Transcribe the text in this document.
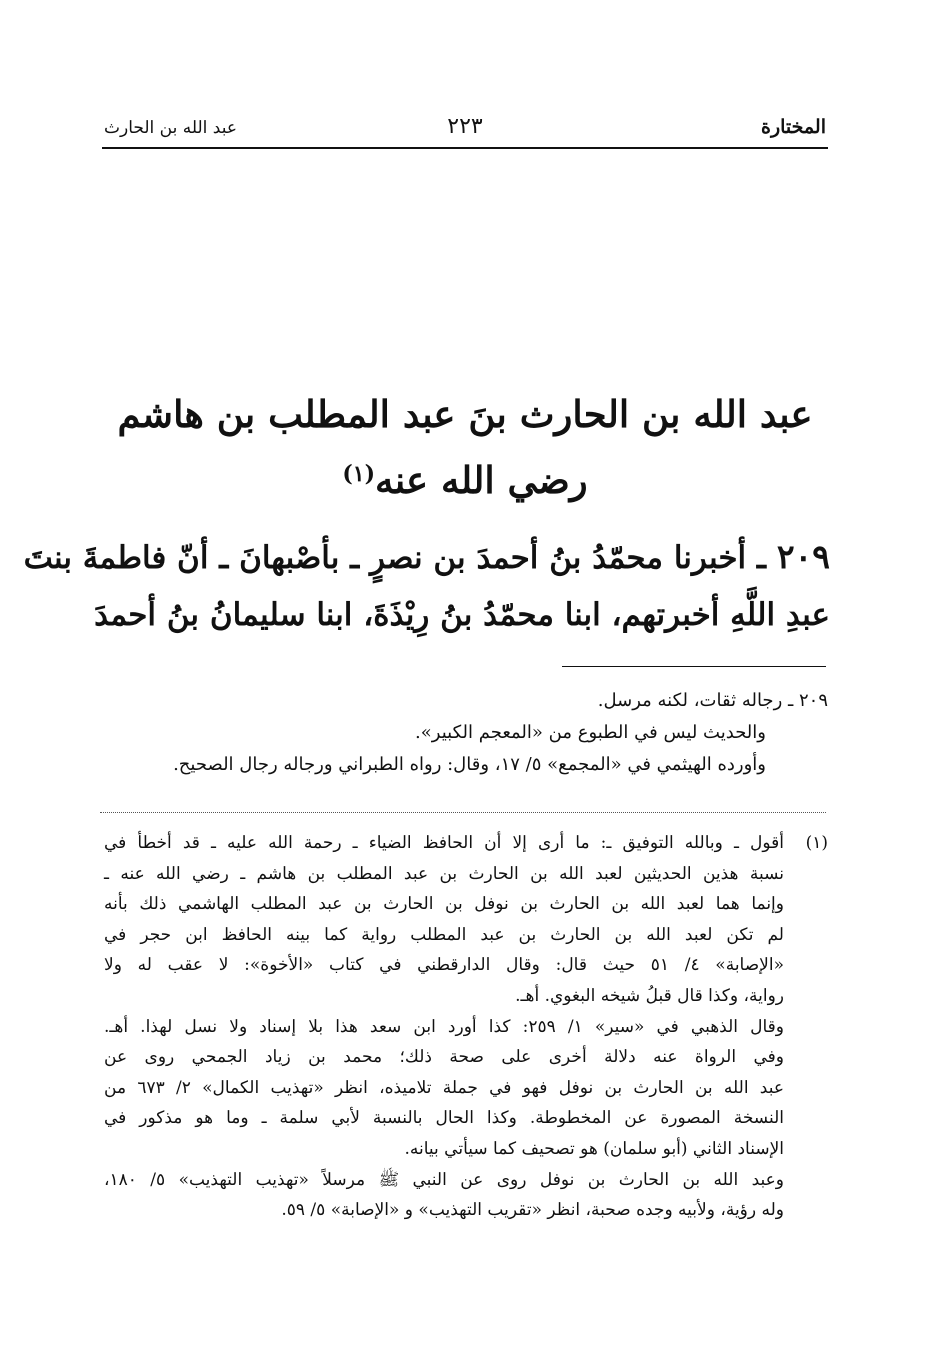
المختارة
٢٢٣
عبد الله بن الحارث
عبد الله بن الحارث بنَ عبد المطلب بن هاشم
رضي الله عنه$^{(١)}$
٢٠٩ ـ أخبرنا محمّدُ بنُ أحمدَ بن نصرٍ ـ بأصْبهانَ ـ أنّ فاطمةَ بنتَ
عبدِ اللَّهِ أخبرتهم، ابنا محمّدُ بنُ رِيْذَةَ، ابنا سليمانُ بنُ أحمدَ
٢٠٩ ـ رجاله ثقات، لكنه مرسل.
والحديث ليس في الطبوع من «المعجم الكبير».
وأورده الهيثمي في «المجمع» ٥/ ١٧، وقال: رواه الطبراني ورجاله رجال الصحيح.
(١)أقول ـ وبالله التوفيق ـ: ما أرى إلا أن الحافظ الضياء ـ رحمة الله عليه ـ قد أخطأ في
نسبة هذين الحديثين لعبد الله بن الحارث بن عبد المطلب بن هاشم ـ رضي الله عنه ـ
وإنما هما لعبد الله بن الحارث بن نوفل بن الحارث بن عبد المطلب الهاشمي ذلك بأنه
لم تكن لعبد الله بن الحارث بن عبد المطلب رواية كما بينه الحافظ ابن حجر في
«الإصابة» ٤/ ٥١ حيث قال: وقال الدارقطني في كتاب «الأخوة»: لا عقب له ولا
رواية، وكذا قال قبلُ شيخه البغوي. أهـ.
وقال الذهبي في «سير» ١/ ٢٥٩: كذا أورد ابن سعد هذا بلا إسناد ولا نسل لهذا. أهـ.
وفي الرواة عنه دلالة أخرى على صحة ذلك؛ محمد بن زياد الجمحي روى عن
عبد الله بن الحارث بن نوفل فهو في جملة تلاميذه، انظر «تهذيب الكمال» ٢/ ٦٧٣ من
النسخة المصورة عن المخطوطة. وكذا الحال بالنسبة لأبي سلمة ـ وما هو مذكور في
الإسناد الثاني (أبو سلمان) هو تصحيف كما سيأتي بيانه.
وعبد الله بن الحارث بن نوفل روى عن النبي ﷺ مرسلاً «تهذيب التهذيب» ٥/ ١٨٠،
وله رؤية، ولأبيه وجده صحبة، انظر «تقريب التهذيب» و «الإصابة» ٥/ ٥٩.
